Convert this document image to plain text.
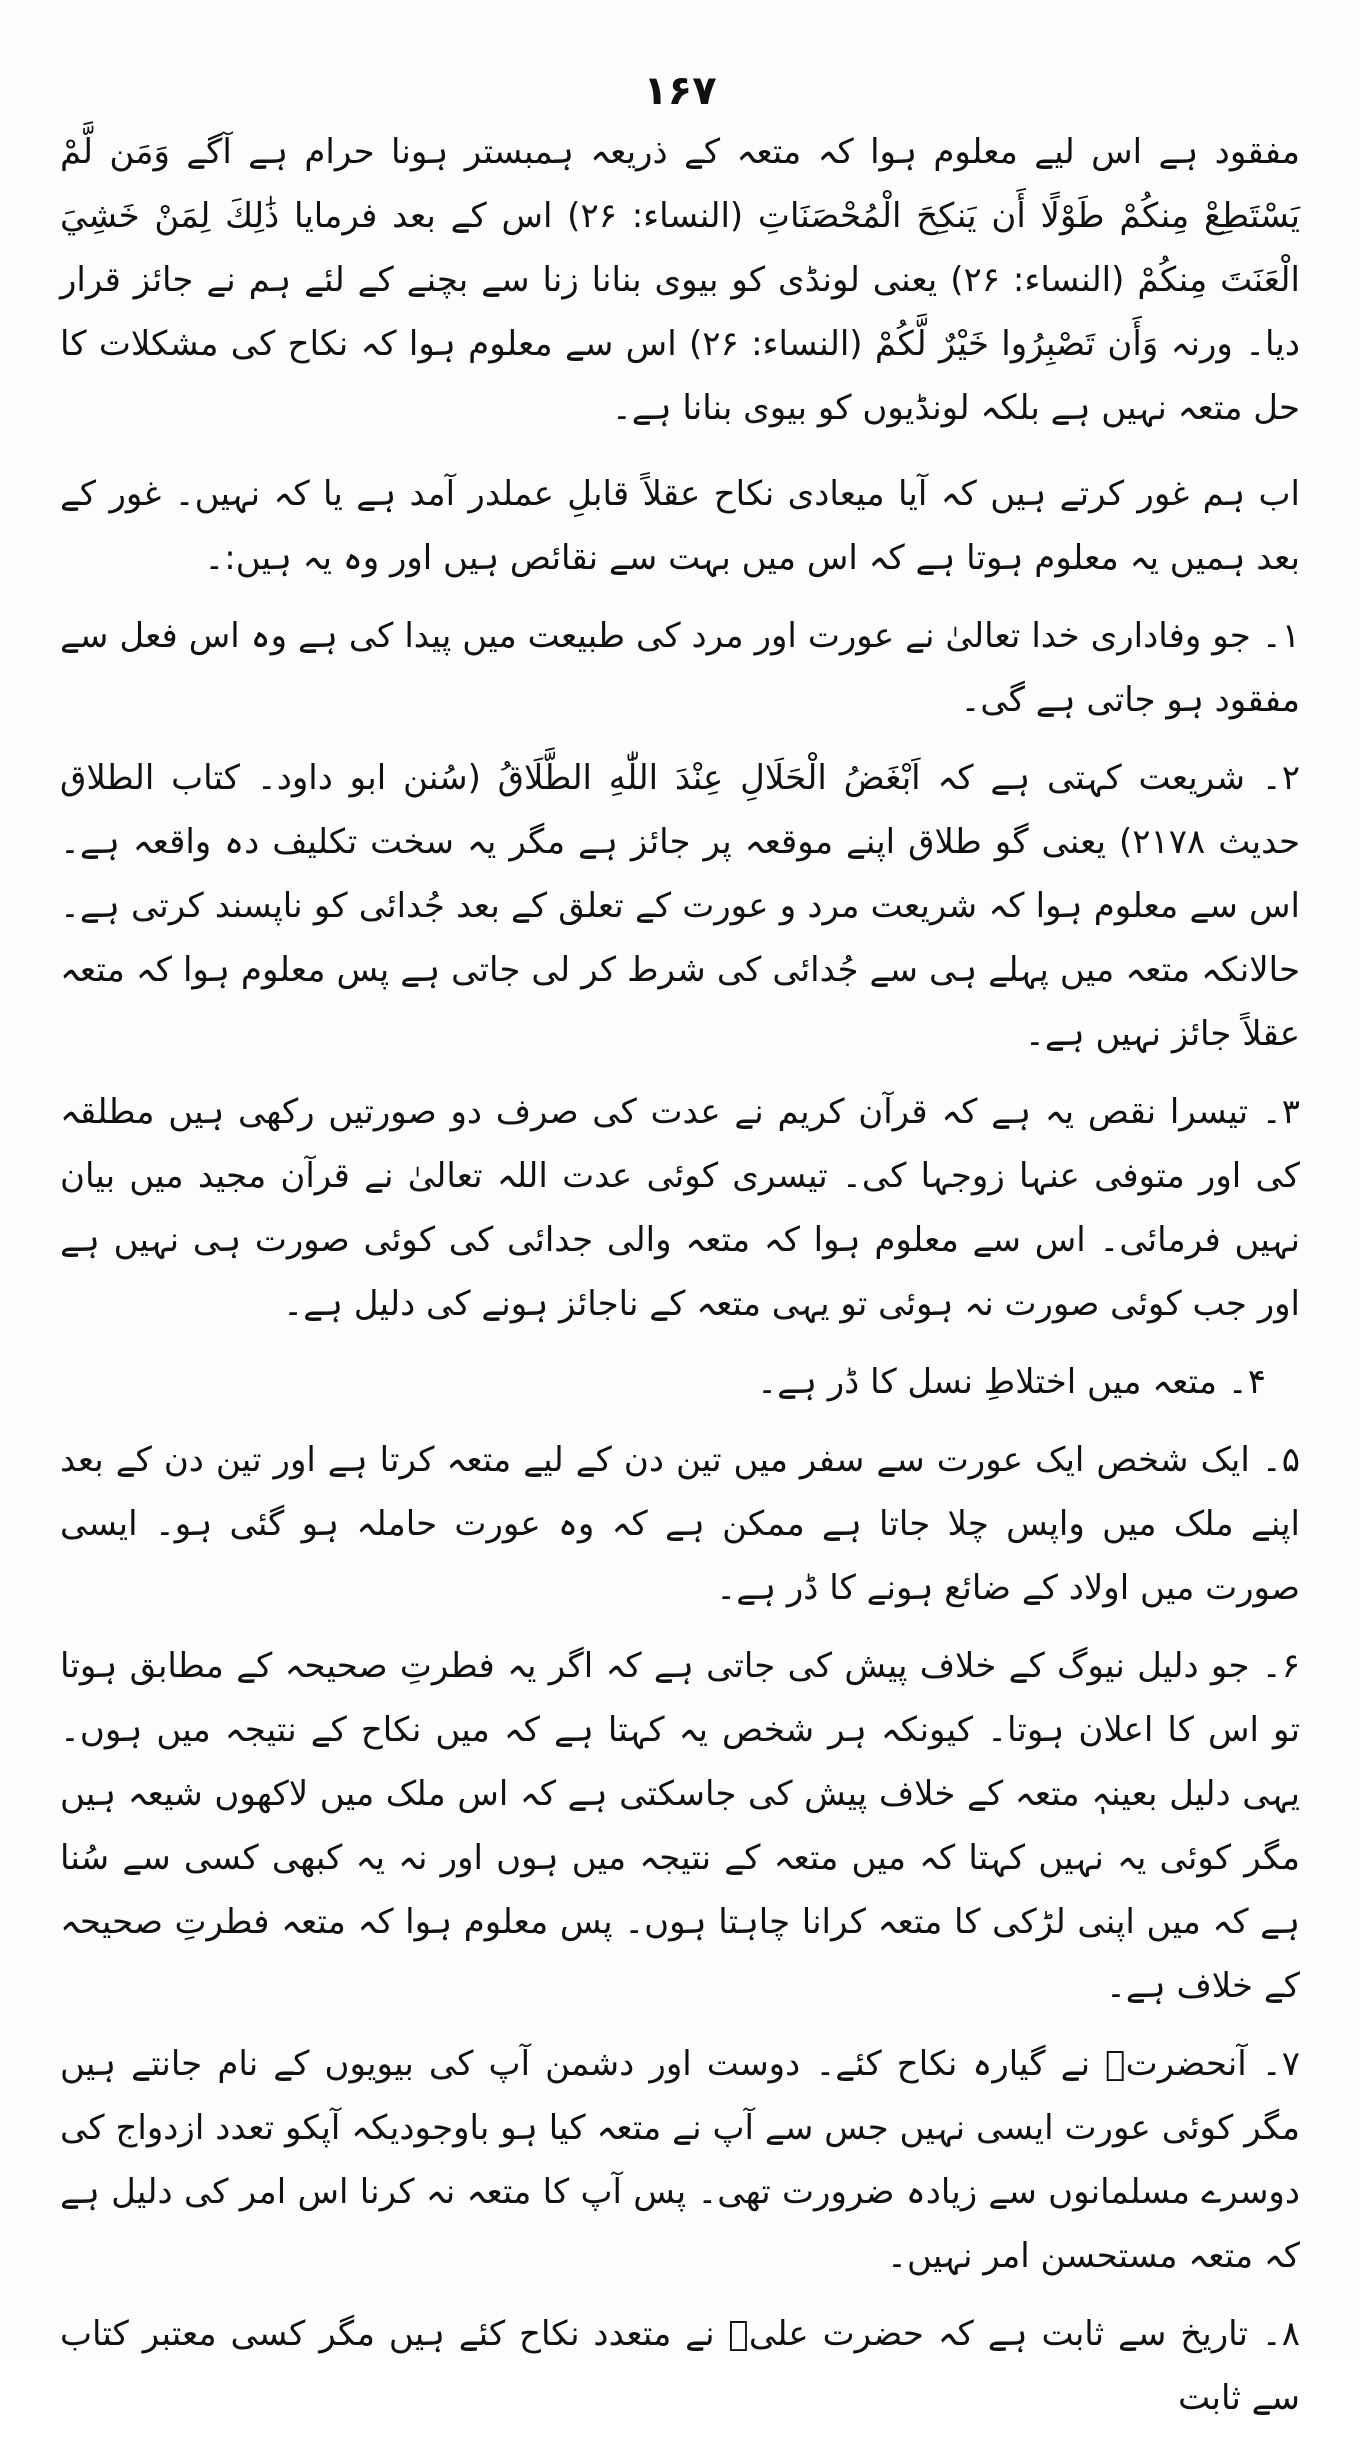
۱۶۷

مفقود ہے اس لیے معلوم ہوا کہ متعہ کے ذریعہ ہمبستر ہونا حرام ہے آگے وَمَن لَّمْ يَسْتَطِعْ مِنكُمْ طَوْلًا أَن يَنكِحَ الْمُحْصَنَاتِ (النساء: ۲۶) اس کے بعد فرمایا ذَٰلِكَ لِمَنْ خَشِيَ الْعَنَتَ مِنكُمْ (النساء: ۲۶) یعنی لونڈی کو بیوی بنانا زنا سے بچنے کے لئے ہم نے جائز قرار دیا۔ ورنہ وَأَن تَصْبِرُوا خَيْرٌ لَّكُمْ (النساء: ۲۶) اس سے معلوم ہوا کہ نکاح کی مشکلات کا حل متعہ نہیں ہے بلکہ لونڈیوں کو بیوی بنانا ہے۔

اب ہم غور کرتے ہیں کہ آیا میعادی نکاح عقلاً قابلِ عملدر آمد ہے یا کہ نہیں۔ غور کے بعد ہمیں یہ معلوم ہوتا ہے کہ اس میں بہت سے نقائص ہیں اور وہ یہ ہیں:۔

۱۔ جو وفاداری خدا تعالیٰ نے عورت اور مرد کی طبیعت میں پیدا کی ہے وہ اس فعل سے مفقود ہو جاتی ہے گی۔

۲۔ شریعت کہتی ہے کہ اَبْغَضُ الْحَلَالِ عِنْدَ اللّٰهِ الطَّلَاقُ (سُنن ابو داود۔ کتاب الطلاق حدیث ۲۱۷۸) یعنی گو طلاق اپنے موقعہ پر جائز ہے مگر یہ سخت تکلیف دہ واقعہ ہے۔ اس سے معلوم ہوا کہ شریعت مرد و عورت کے تعلق کے بعد جُدائی کو ناپسند کرتی ہے۔ حالانکہ متعہ میں پہلے ہی سے جُدائی کی شرط کر لی جاتی ہے پس معلوم ہوا کہ متعہ عقلاً جائز نہیں ہے۔

۳۔ تیسرا نقص یہ ہے کہ قرآن کریم نے عدت کی صرف دو صورتیں رکھی ہیں مطلقہ کی اور متوفی عنہا زوجہا کی۔ تیسری کوئی عدت اللہ تعالیٰ نے قرآن مجید میں بیان نہیں فرمائی۔ اس سے معلوم ہوا کہ متعہ والی جدائی کی کوئی صورت ہی نہیں ہے اور جب کوئی صورت نہ ہوئی تو یہی متعہ کے ناجائز ہونے کی دلیل ہے۔

۴۔ متعہ میں اختلاطِ نسل کا ڈر ہے۔

۵۔ ایک شخص ایک عورت سے سفر میں تین دن کے لیے متعہ کرتا ہے اور تین دن کے بعد اپنے ملک میں واپس چلا جاتا ہے ممکن ہے کہ وہ عورت حاملہ ہو گئی ہو۔ ایسی صورت میں اولاد کے ضائع ہونے کا ڈر ہے۔

۶۔ جو دلیل نیوگ کے خلاف پیش کی جاتی ہے کہ اگر یہ فطرتِ صحیحہ کے مطابق ہوتا تو اس کا اعلان ہوتا۔ کیونکہ ہر شخص یہ کہتا ہے کہ میں نکاح کے نتیجہ میں ہوں۔ یہی دلیل بعینہٖ متعہ کے خلاف پیش کی جاسکتی ہے کہ اس ملک میں لاکھوں شیعہ ہیں مگر کوئی یہ نہیں کہتا کہ میں متعہ کے نتیجہ میں ہوں اور نہ یہ کبھی کسی سے سُنا ہے کہ میں اپنی لڑکی کا متعہ کرانا چاہتا ہوں۔ پس معلوم ہوا کہ متعہ فطرتِ صحیحہ کے خلاف ہے۔

۷۔ آنحضرتؐ نے گیارہ نکاح کئے۔ دوست اور دشمن آپ کی بیویوں کے نام جانتے ہیں مگر کوئی عورت ایسی نہیں جس سے آپ نے متعہ کیا ہو باوجودیکہ آپکو تعدد ازدواج کی دوسرے مسلمانوں سے زیادہ ضرورت تھی۔ پس آپ کا متعہ نہ کرنا اس امر کی دلیل ہے کہ متعہ مستحسن امر نہیں۔

۸۔ تاریخ سے ثابت ہے کہ حضرت علیؓ نے متعدد نکاح کئے ہیں مگر کسی معتبر کتاب سے ثابت
